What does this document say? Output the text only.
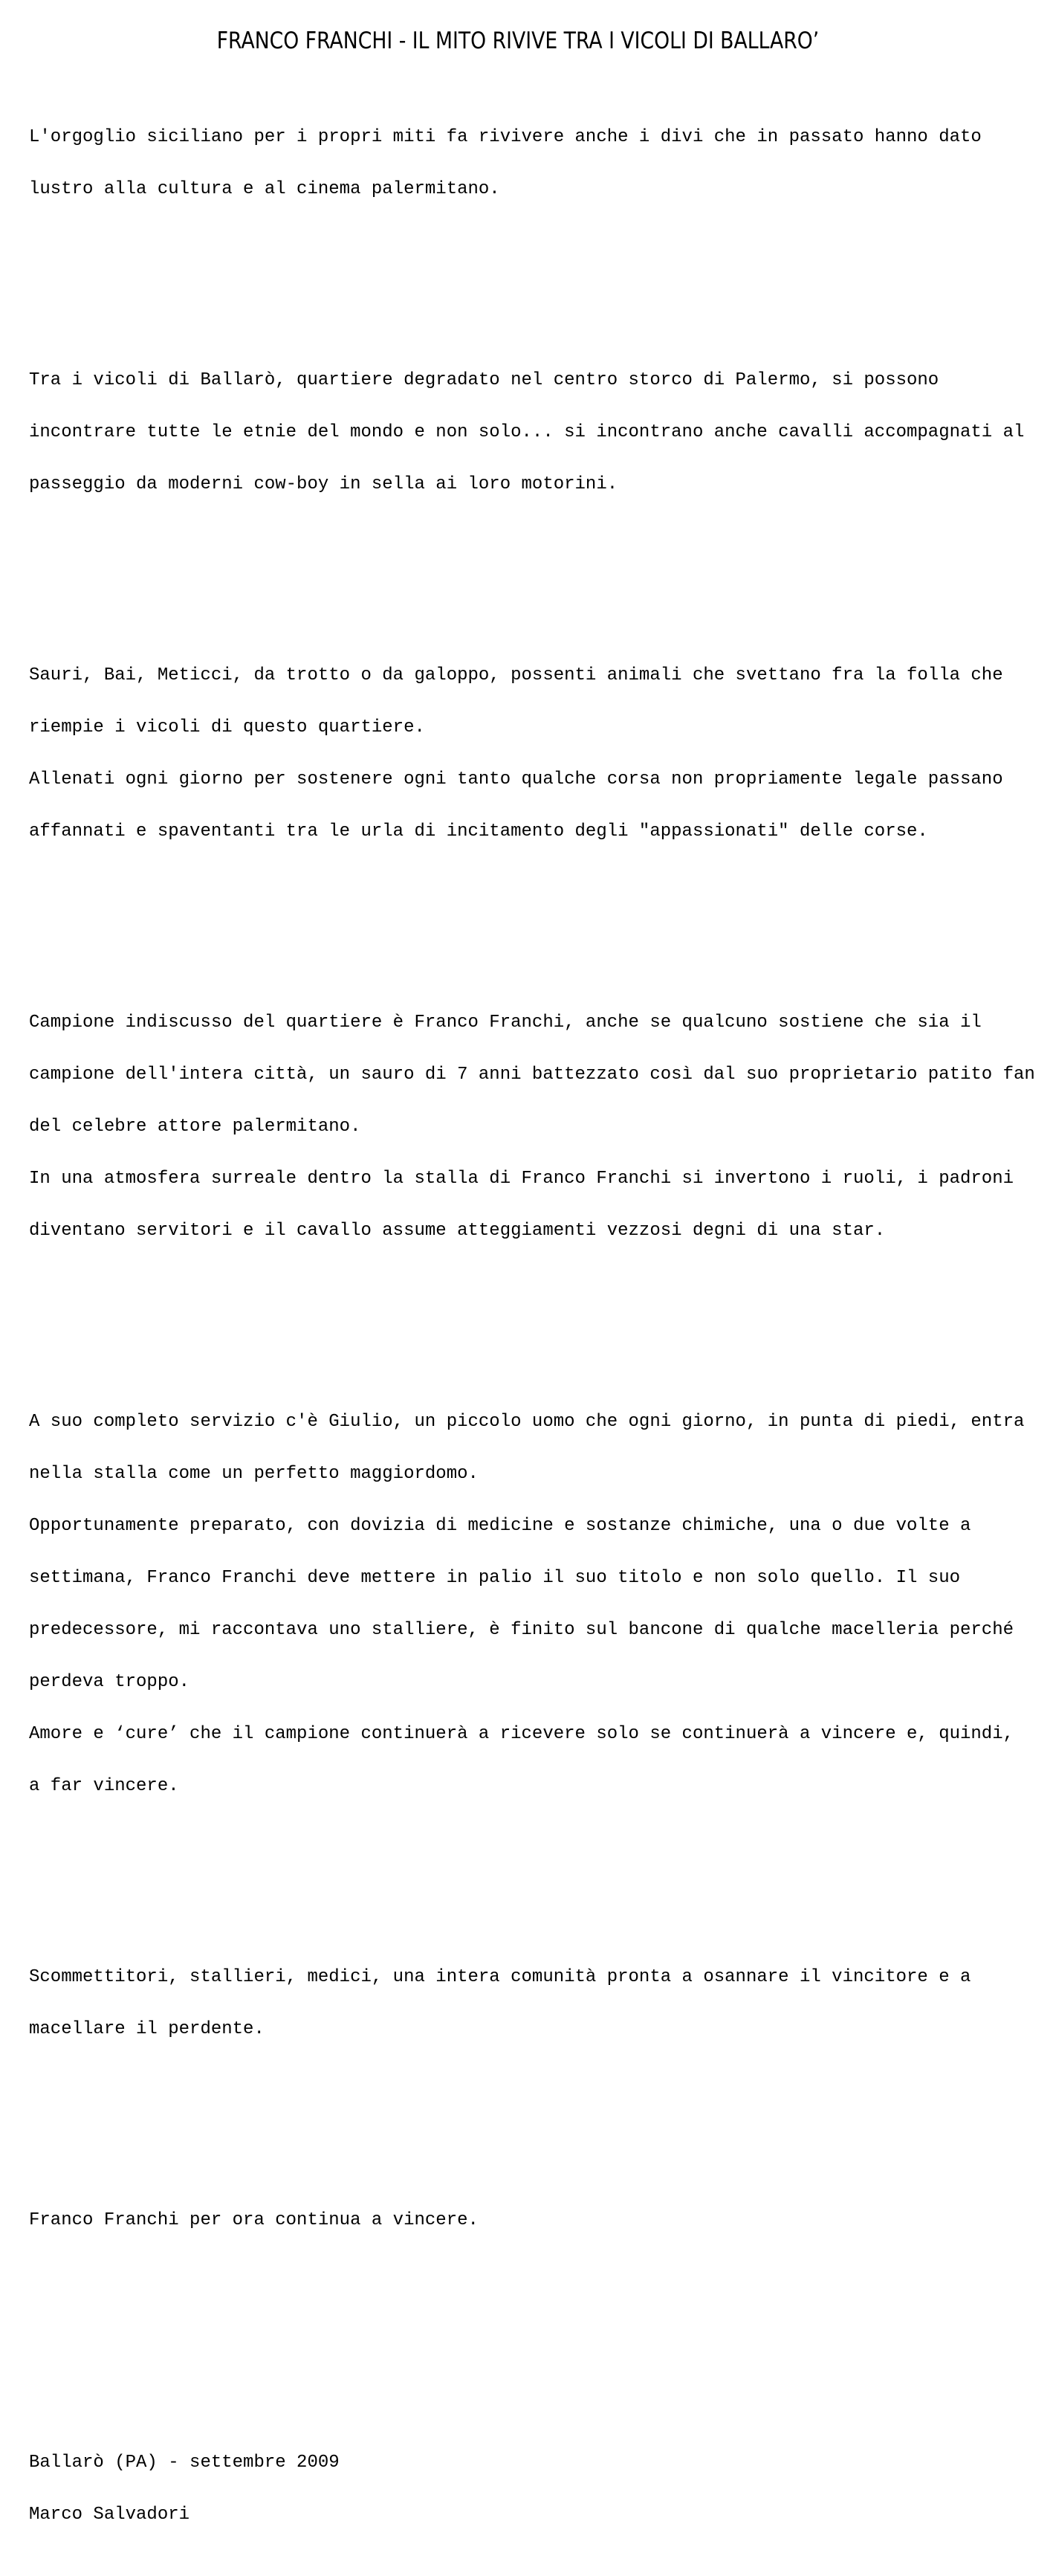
FRANCO FRANCHI - IL MITO RIVIVE TRA I VICOLI DI BALLARO’

L'orgoglio siciliano per i propri miti fa rivivere anche i divi che in passato hanno dato

lustro alla cultura e al cinema palermitano.

Tra i vicoli di Ballarò, quartiere degradato nel centro storco di Palermo, si possono

incontrare tutte le etnie del mondo e non solo... si incontrano anche cavalli accompagnati al

passeggio da moderni cow-boy in sella ai loro motorini.

Sauri, Bai, Meticci, da trotto o da galoppo, possenti animali che svettano fra la folla che

riempie i vicoli di questo quartiere.

Allenati ogni giorno per sostenere ogni tanto qualche corsa non propriamente legale passano

affannati e spaventanti tra le urla di incitamento degli "appassionati" delle corse.

Campione indiscusso del quartiere è Franco Franchi, anche se qualcuno sostiene che sia il

campione dell'intera città, un sauro di 7 anni battezzato così dal suo proprietario patito fan

del celebre attore palermitano.

In una atmosfera surreale dentro la stalla di Franco Franchi si invertono i ruoli, i padroni

diventano servitori e il cavallo assume atteggiamenti vezzosi degni di una star.

A suo completo servizio c'è Giulio, un piccolo uomo che ogni giorno, in punta di piedi, entra

nella stalla come un perfetto maggiordomo.

Opportunamente preparato, con dovizia di medicine e sostanze chimiche, una o due volte a

settimana, Franco Franchi deve mettere in palio il suo titolo e non solo quello. Il suo

predecessore, mi raccontava uno stalliere, è finito sul bancone di qualche macelleria perché

perdeva troppo.

Amore e ‘cure’ che il campione continuerà a ricevere solo se continuerà a vincere e, quindi,

a far vincere.

Scommettitori, stallieri, medici, una intera comunità pronta a osannare il vincitore e a

macellare il perdente.

Franco Franchi per ora continua a vincere.

Ballarò (PA) - settembre 2009

Marco Salvadori
